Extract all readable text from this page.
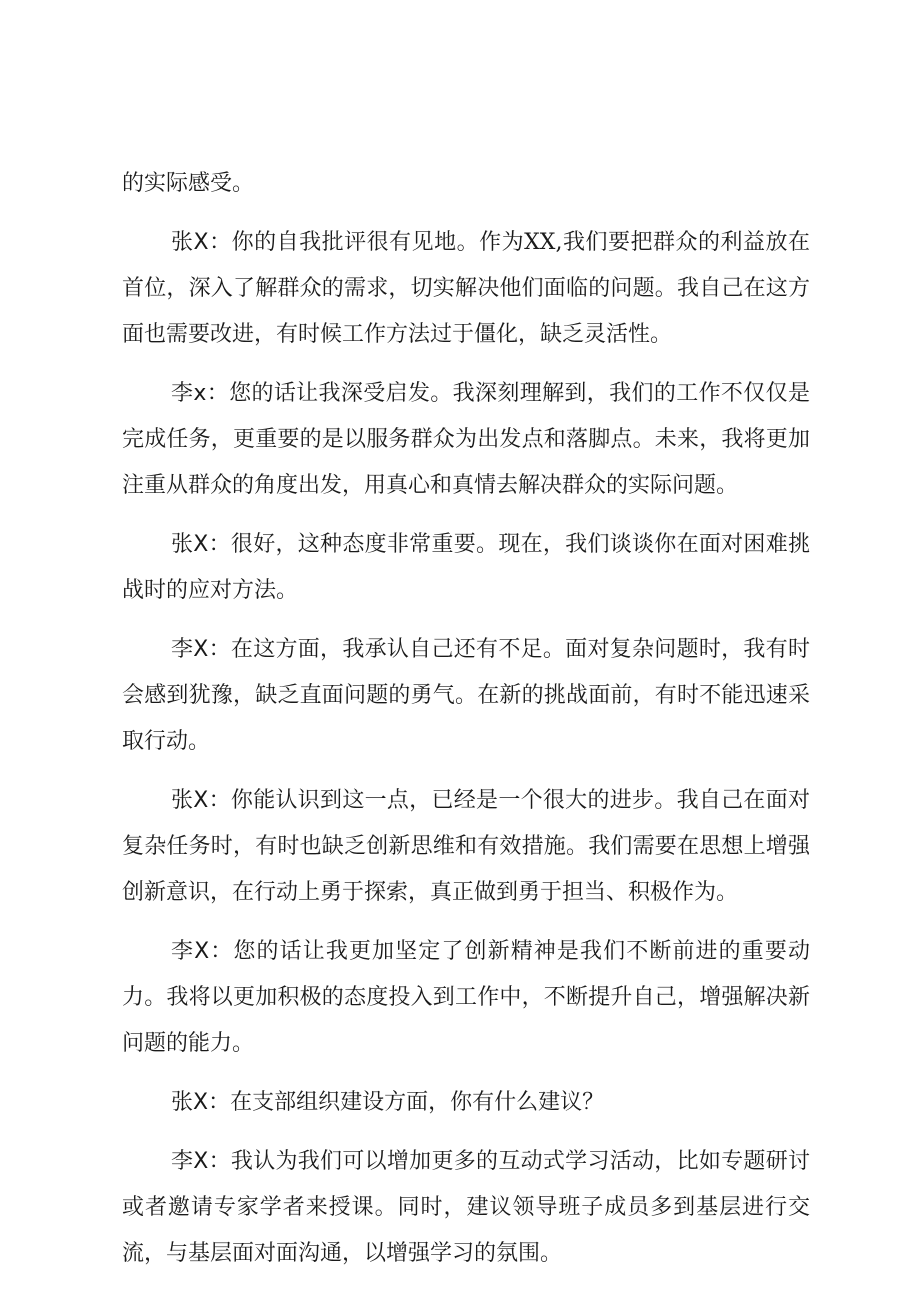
的实际感受。

张X：你的自我批评很有见地。作为XX,我们要把群众的利益放在首位，深入了解群众的需求，切实解决他们面临的问题。我自己在这方面也需要改进，有时候工作方法过于僵化，缺乏灵活性。

李x：您的话让我深受启发。我深刻理解到，我们的工作不仅仅是完成任务，更重要的是以服务群众为出发点和落脚点。未来，我将更加注重从群众的角度出发，用真心和真情去解决群众的实际问题。

张X：很好，这种态度非常重要。现在，我们谈谈你在面对困难挑战时的应对方法。

李X：在这方面，我承认自己还有不足。面对复杂问题时，我有时会感到犹豫，缺乏直面问题的勇气。在新的挑战面前，有时不能迅速采取行动。

张X：你能认识到这一点，已经是一个很大的进步。我自己在面对复杂任务时，有时也缺乏创新思维和有效措施。我们需要在思想上增强创新意识，在行动上勇于探索，真正做到勇于担当、积极作为。

李X：您的话让我更加坚定了创新精神是我们不断前进的重要动力。我将以更加积极的态度投入到工作中，不断提升自己，增强解决新问题的能力。

张X：在支部组织建设方面，你有什么建议？

李X：我认为我们可以增加更多的互动式学习活动，比如专题研讨或者邀请专家学者来授课。同时，建议领导班子成员多到基层进行交流，与基层面对面沟通，以增强学习的氛围。
